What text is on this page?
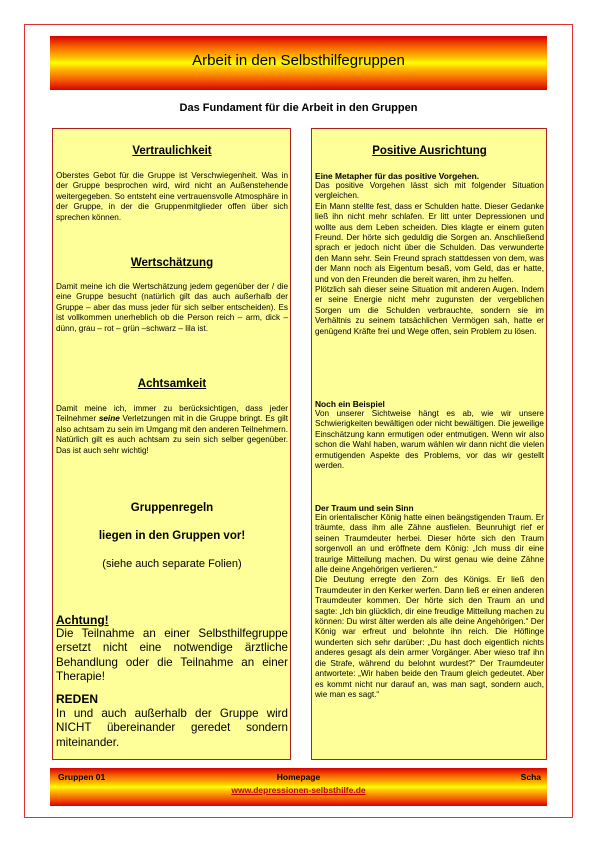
Arbeit in den Selbsthilfegruppen
Das Fundament für die Arbeit in den Gruppen
Vertraulichkeit

Oberstes Gebot für die Gruppe ist Verschwiegenheit. Was in der Gruppe besprochen wird, wird nicht an Außenstehende weitergegeben. So entsteht eine vertrauensvolle Atmosphäre in der Gruppe, in der die Gruppenmitglieder offen über sich sprechen können.

Wertschätzung

Damit meine ich die Wertschätzung jedem gegenüber der / die eine Gruppe besucht (natürlich gilt das auch außerhalb der Gruppe – aber das muss jeder für sich selber entscheiden). Es ist vollkommen unerheblich ob die Person reich – arm, dick – dünn, grau – rot – grün –schwarz – lila ist.

Achtsamkeit

Damit meine ich, immer zu berücksichtigen, dass jeder Teilnehmer seine Verletzungen mit in die Gruppe bringt. Es gilt also achtsam zu sein im Umgang mit den anderen Teilnehmern. Natürlich gilt es auch achtsam zu sein sich selber gegenüber. Das ist auch sehr wichtig!

Gruppenregeln
liegen in den Gruppen vor!
(siehe auch separate Folien)
Achtung!

Die Teilnahme an einer Selbsthilfegruppe ersetzt nicht eine notwendige ärztliche Behandlung oder die Teilnahme an einer Therapie!

REDEN

In und auch außerhalb der Gruppe wird NICHT übereinander geredet sondern miteinander.

Positive Ausrichtung

Eine Metapher für das positive Vorgehen.

Das positive Vorgehen lässt sich mit folgender Situation vergleichen.

Ein Mann stellte fest, dass er Schulden hatte. Dieser Gedanke ließ ihn nicht mehr schlafen. Er litt unter Depressionen und wollte aus dem Leben scheiden. Dies klagte er einem guten Freund. Der hörte sich geduldig die Sorgen an. Anschließend sprach er jedoch nicht über die Schulden. Das verwunderte den Mann sehr. Sein Freund sprach stattdessen von dem, was der Mann noch als Eigentum besaß, vom Geld, das er hatte, und von den Freunden die bereit waren, ihm zu helfen.

Plötzlich sah dieser seine Situation mit anderen Augen. Indem er seine Energie nicht mehr zugunsten der vergeblichen Sorgen um die Schulden verbrauchte, sondern sie im Verhältnis zu seinem tatsächlichen Vermögen sah, hatte er genügend Kräfte frei und Wege offen, sein Problem zu lösen.

Noch ein Beispiel

Von unserer Sichtweise hängt es ab, wie wir unsere Schwierigkeiten bewältigen oder nicht bewältigen. Die jeweilige Einschätzung kann ermutigen oder entmutigen. Wenn wir also schon die Wahl haben, warum wählen wir dann nicht die vielen ermutigenden Aspekte des Problems, vor das wir gestellt werden.

Der Traum und sein Sinn

Ein orientalischer König hatte einen beängstigenden Traum. Er träumte, dass ihm alle Zähne ausfielen. Beunruhigt rief er seinen Traumdeuter herbei. Dieser hörte sich den Traum sorgenvoll an und eröffnete dem König: „Ich muss dir eine traurige Mitteilung machen. Du wirst genau wie deine Zähne alle deine Angehörigen verlieren.“

Die Deutung erregte den Zorn des Königs. Er ließ den Traumdeuter in den Kerker werfen. Dann ließ er einen anderen Traumdeuter kommen. Der hörte sich den Traum an und sagte: „Ich bin glücklich, dir eine freudige Mitteilung machen zu können: Du wirst älter werden als alle deine Angehörigen.“ Der König war erfreut und belohnte ihn reich. Die Höflinge wunderten sich sehr darüber: „Du hast doch eigentlich nichts anderes gesagt als dein armer Vorgänger. Aber wieso traf ihn die Strafe, während du belohnt wurdest?“ Der Traumdeuter antwortete: „Wir haben beide den Traum gleich gedeutet. Aber es kommt nicht nur darauf an, was man sagt, sondern auch, wie man es sagt.“

Homepage
Gruppen 01	Scha
www.depressionen-selbsthilfe.de
